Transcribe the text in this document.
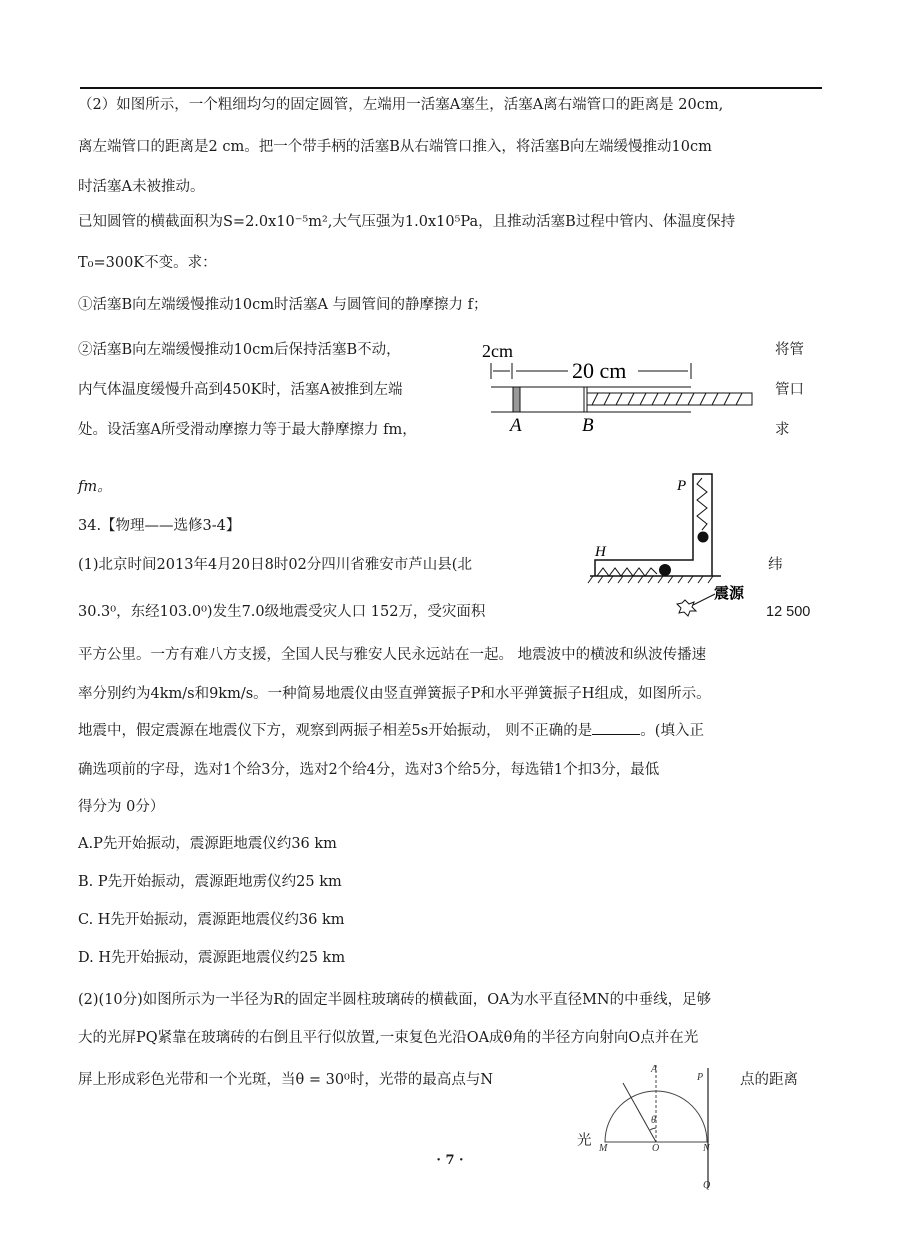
（2）如图所示，一个粗细均匀的固定圆管，左端用一活塞A塞生，活塞A离右端管口的距离是 20cm,
离左端管口的距离是2 cm。把一个带手柄的活塞B从右端管口推入，将活塞B向左端缓慢推动10cm
时活塞A未被推动。
已知圆管的横截面积为S=2.0x10⁻⁵m²,大气压强为1.0x10⁵Pa，且推动活塞B过程中管内、体温度保持
T₀=300K不变。求：
①活塞B向左端缓慢推动10cm时活塞A 与圆管间的静摩擦力 f；
②活塞B向左端缓慢推动10cm后保持活塞B不动，
内气体温度缓慢升高到450K时，活塞A被推到左端
处。设活塞A所受滑动摩擦力等于最大静摩擦力 fm，
将管
管口
求
fm。
2cm
20 cm
A	B
34.【物理——选修3-4】
(1)北京时间2013年4月20日8时02分四川省雅安市芦山县(北
30.3⁰，东经103.0⁰)发生7.0级地震受灾人口 152万，受灾面积
纬
12 500
平方公里。一方有难八方支援，全国人民与雅安人民永远站在一起。 地震波中的横波和纵波传播速
率分别约为4km/s和9km/s。一种简易地震仪由竖直弹簧振子P和水平弹簧振子H组成，如图所示。
地震中，假定震源在地震仪下方，观察到两振子相差5s开始振动， 则不正确的是	。(填入正
确选项前的字母，选对1个给3分，选对2个给4分，选对3个给5分，每选错1个扣3分，最低
得分为 0分）
P
H
震源
A.P先开始振动，震源距地震仪约36 km
B. P先开始振动，震源距地雳仪约25 km
C. H先开始振动，震源距地震仪约36 km
D. H先开始振动，震源距地震仪约25 km
(2)(10分)如图所示为一半径为R的固定半圆柱玻璃砖的横截面，OA为水平直径MN的中垂线，足够
大的光屏PQ紧靠在玻璃砖的右倒且平行似放置,一束复色光沿OA成θ角的半径方向射向O点并在光
屏上形成彩色光带和一个光斑，当θ = 30⁰时，光带的最高点与N	点的距离
光
A
P
θ
M	O	N
Q
· 7 ·
